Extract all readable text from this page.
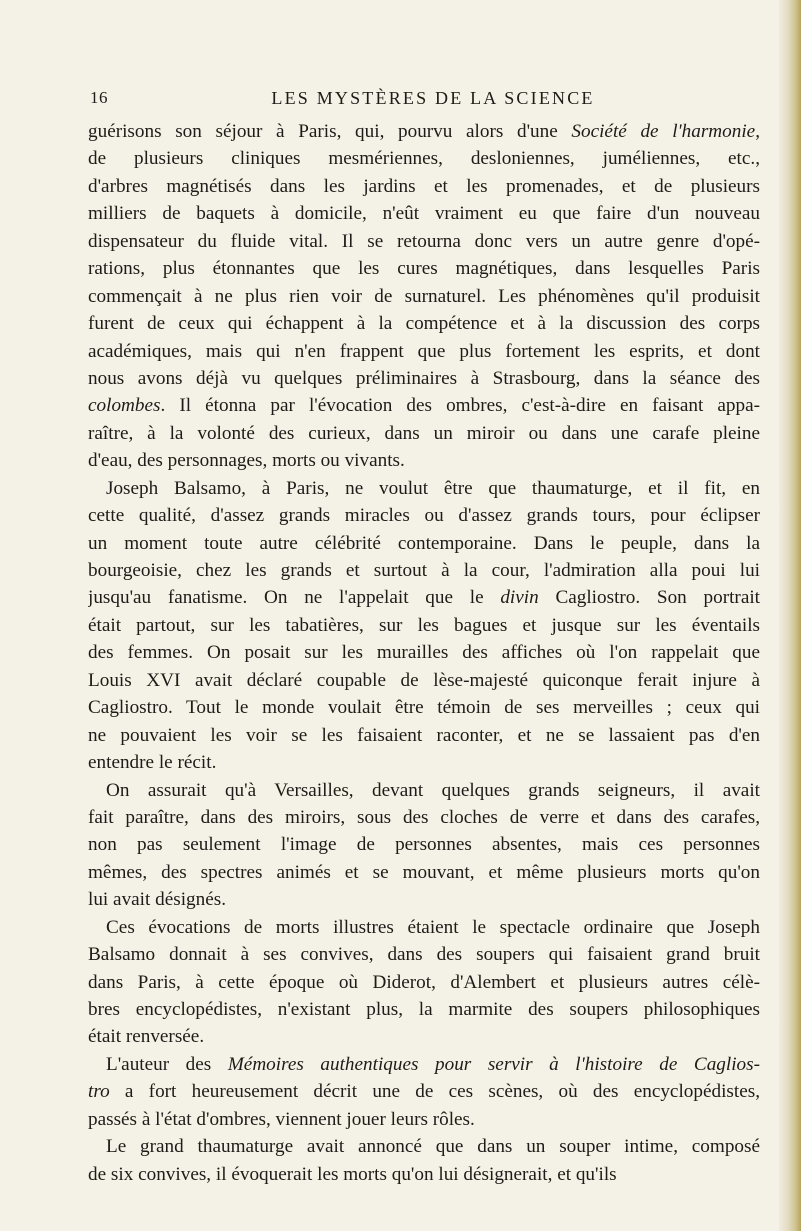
16	LES MYSTÈRES DE LA SCIENCE
guérisons son séjour à Paris, qui, pourvu alors d'une Société de l'harmonie,
de plusieurs cliniques mesmériennes, desloniennes, juméliennes, etc.,
d'arbres magnétisés dans les jardins et les promenades, et de plusieurs
milliers de baquets à domicile, n'eût vraiment eu que faire d'un nouveau
dispensateur du fluide vital. Il se retourna donc vers un autre genre d'opé-
rations, plus étonnantes que les cures magnétiques, dans lesquelles Paris
commençait à ne plus rien voir de surnaturel. Les phénomènes qu'il produisit
furent de ceux qui échappent à la compétence et à la discussion des corps
académiques, mais qui n'en frappent que plus fortement les esprits, et dont
nous avons déjà vu quelques préliminaires à Strasbourg, dans la séance des
colombes. Il étonna par l'évocation des ombres, c'est-à-dire en faisant appa-
raître, à la volonté des curieux, dans un miroir ou dans une carafe pleine
d'eau, des personnages, morts ou vivants.
Joseph Balsamo, à Paris, ne voulut être que thaumaturge, et il fit, en
cette qualité, d'assez grands miracles ou d'assez grands tours, pour éclipser
un moment toute autre célébrité contemporaine. Dans le peuple, dans la
bourgeoisie, chez les grands et surtout à la cour, l'admiration alla poui lui
jusqu'au fanatisme. On ne l'appelait que le divin Cagliostro. Son portrait
était partout, sur les tabatières, sur les bagues et jusque sur les éventails
des femmes. On posait sur les murailles des affiches où l'on rappelait que
Louis XVI avait déclaré coupable de lèse-majesté quiconque ferait injure à
Cagliostro. Tout le monde voulait être témoin de ses merveilles ; ceux qui
ne pouvaient les voir se les faisaient raconter, et ne se lassaient pas d'en
entendre le récit.
On assurait qu'à Versailles, devant quelques grands seigneurs, il avait
fait paraître, dans des miroirs, sous des cloches de verre et dans des carafes,
non pas seulement l'image de personnes absentes, mais ces personnes
mêmes, des spectres animés et se mouvant, et même plusieurs morts qu'on
lui avait désignés.
Ces évocations de morts illustres étaient le spectacle ordinaire que Joseph
Balsamo donnait à ses convives, dans des soupers qui faisaient grand bruit
dans Paris, à cette époque où Diderot, d'Alembert et plusieurs autres célè-
bres encyclopédistes, n'existant plus, la marmite des soupers philosophiques
était renversée.
L'auteur des Mémoires authentiques pour servir à l'histoire de Caglios-
tro a fort heureusement décrit une de ces scènes, où des encyclopédistes,
passés à l'état d'ombres, viennent jouer leurs rôles.
Le grand thaumaturge avait annoncé que dans un souper intime, composé
de six convives, il évoquerait les morts qu'on lui désignerait, et qu'ils
